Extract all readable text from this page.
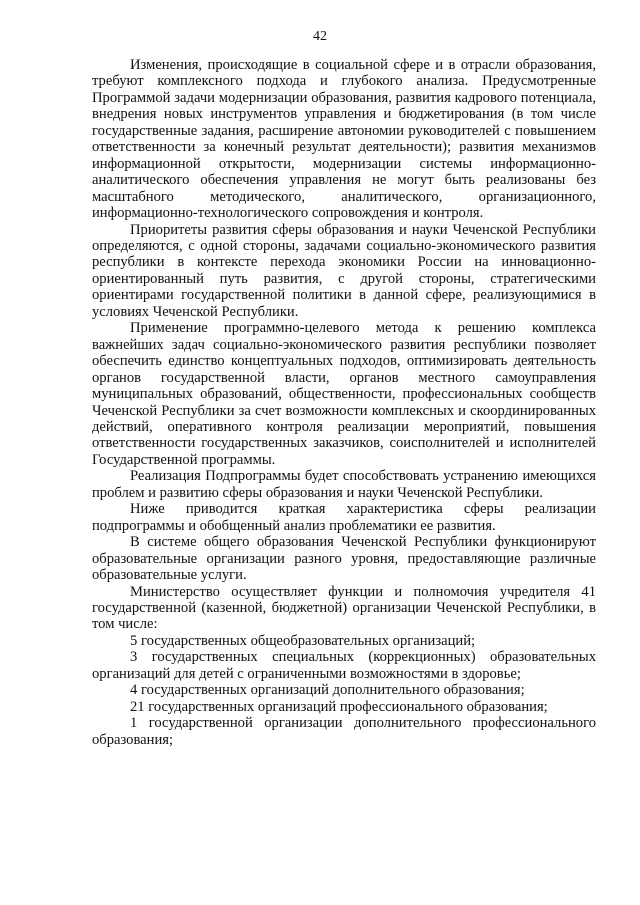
42

Изменения, происходящие в социальной сфере и в отрасли образования, требуют комплексного подхода и глубокого анализа. Предусмотренные Программой задачи модернизации образования, развития кадрового потенциала, внедрения новых инструментов управления и бюджетирования (в том числе государственные задания, расширение автономии руководителей с повышением ответственности за конечный результат деятельности); развития механизмов информационной открытости, модернизации системы информационно-аналитического обеспечения управления не могут быть реализованы без масштабного методического, аналитического, организационного, информационно-технологического сопровождения и контроля.

Приоритеты развития сферы образования и науки Чеченской Республики определяются, с одной стороны, задачами социально-экономического развития республики в контексте перехода экономики России на инновационно-ориентированный путь развития, с другой стороны, стратегическими ориентирами государственной политики в данной сфере, реализующимися в условиях Чеченской Республики.

Применение программно-целевого метода к решению комплекса важнейших задач социально-экономического развития республики позволяет обеспечить единство концептуальных подходов, оптимизировать деятельность органов государственной власти, органов местного самоуправления муниципальных образований, общественности, профессиональных сообществ Чеченской Республики за счет возможности комплексных и скоординированных действий, оперативного контроля реализации мероприятий, повышения ответственности государственных заказчиков, соисполнителей и исполнителей Государственной программы.

Реализация Подпрограммы будет способствовать устранению имеющихся проблем и развитию сферы образования и науки Чеченской Республики.

Ниже приводится краткая характеристика сферы реализации подпрограммы и обобщенный анализ проблематики ее развития.

В системе общего образования Чеченской Республики функционируют образовательные организации разного уровня, предоставляющие различные образовательные услуги.

Министерство осуществляет функции и полномочия учредителя 41 государственной (казенной, бюджетной) организации Чеченской Республики, в том числе:

5 государственных общеобразовательных организаций;

3 государственных специальных (коррекционных) образовательных организаций для детей с ограниченными возможностями в здоровье;

4 государственных организаций дополнительного образования;

21 государственных организаций профессионального образования;

1 государственной организации дополнительного профессионального образования;
